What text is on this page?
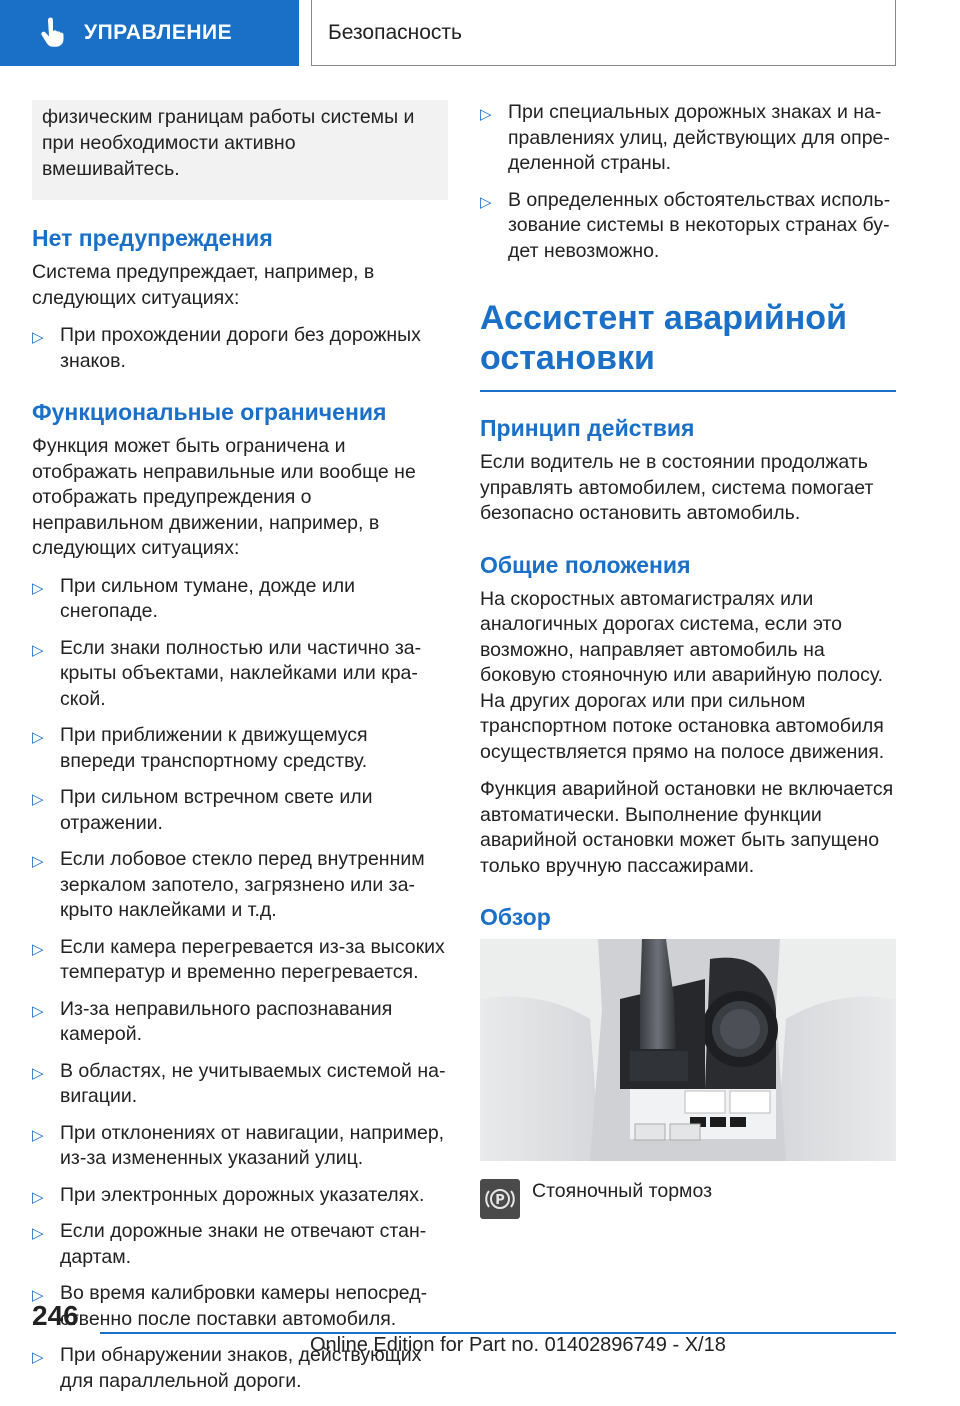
УПРАВЛЕНИЕ	Безопасность
физическим границам работы системы и при необходимости активно вмешивайтесь.
Нет предупреждения

Система предупреждает, например, в следующих ситуациях:

▷ При прохождении дороги без дорожных знаков.
Функциональные ограничения

Функция может быть ограничена и отображать неправильные или вообще не отображать предупреждения о неправильном движении, например, в следующих ситуациях:

▷ При сильном тумане, дожде или снегопаде.
▷ Если знаки полностью или частично закрыты объектами, наклейками или краской.
▷ При приближении к движущемуся впереди транспортному средству.
▷ При сильном встречном свете или отражении.
▷ Если лобовое стекло перед внутренним зеркалом запотело, загрязнено или закрыто наклейками и т.д.
▷ Если камера перегревается из-за высоких температур и временно перегревается.
▷ Из-за неправильного распознавания камерой.
▷ В областях, не учитываемых системой навигации.
▷ При отклонениях от навигации, например, из-за измененных указаний улиц.
▷ При электронных дорожных указателях.
▷ Если дорожные знаки не отвечают стандартам.
▷ Во время калибровки камеры непосредственно после поставки автомобиля.
▷ При обнаружении знаков, действующих для параллельной дороги.
▷ При специальных дорожных знаках и направлениях улиц, действующих для определенной страны.
▷ В определенных обстоятельствах использование системы в некоторых странах будет невозможно.
Ассистент аварийной остановки
Принцип действия

Если водитель не в состоянии продолжать управлять автомобилем, система помогает безопасно остановить автомобиль.

Общие положения

На скоростных автомагистралях или аналогичных дорогах система, если это возможно, направляет автомобиль на боковую стояночную или аварийную полосу. На других дорогах или при сильном транспортном потоке остановка автомобиля осуществляется прямо на полосе движения.

Функция аварийной остановки не включается автоматически. Выполнение функции аварийной остановки может быть запущено только вручную пассажирами.

Обзор
P Стояночный тормоз
246
Online Edition for Part no. 01402896749 - X/18
